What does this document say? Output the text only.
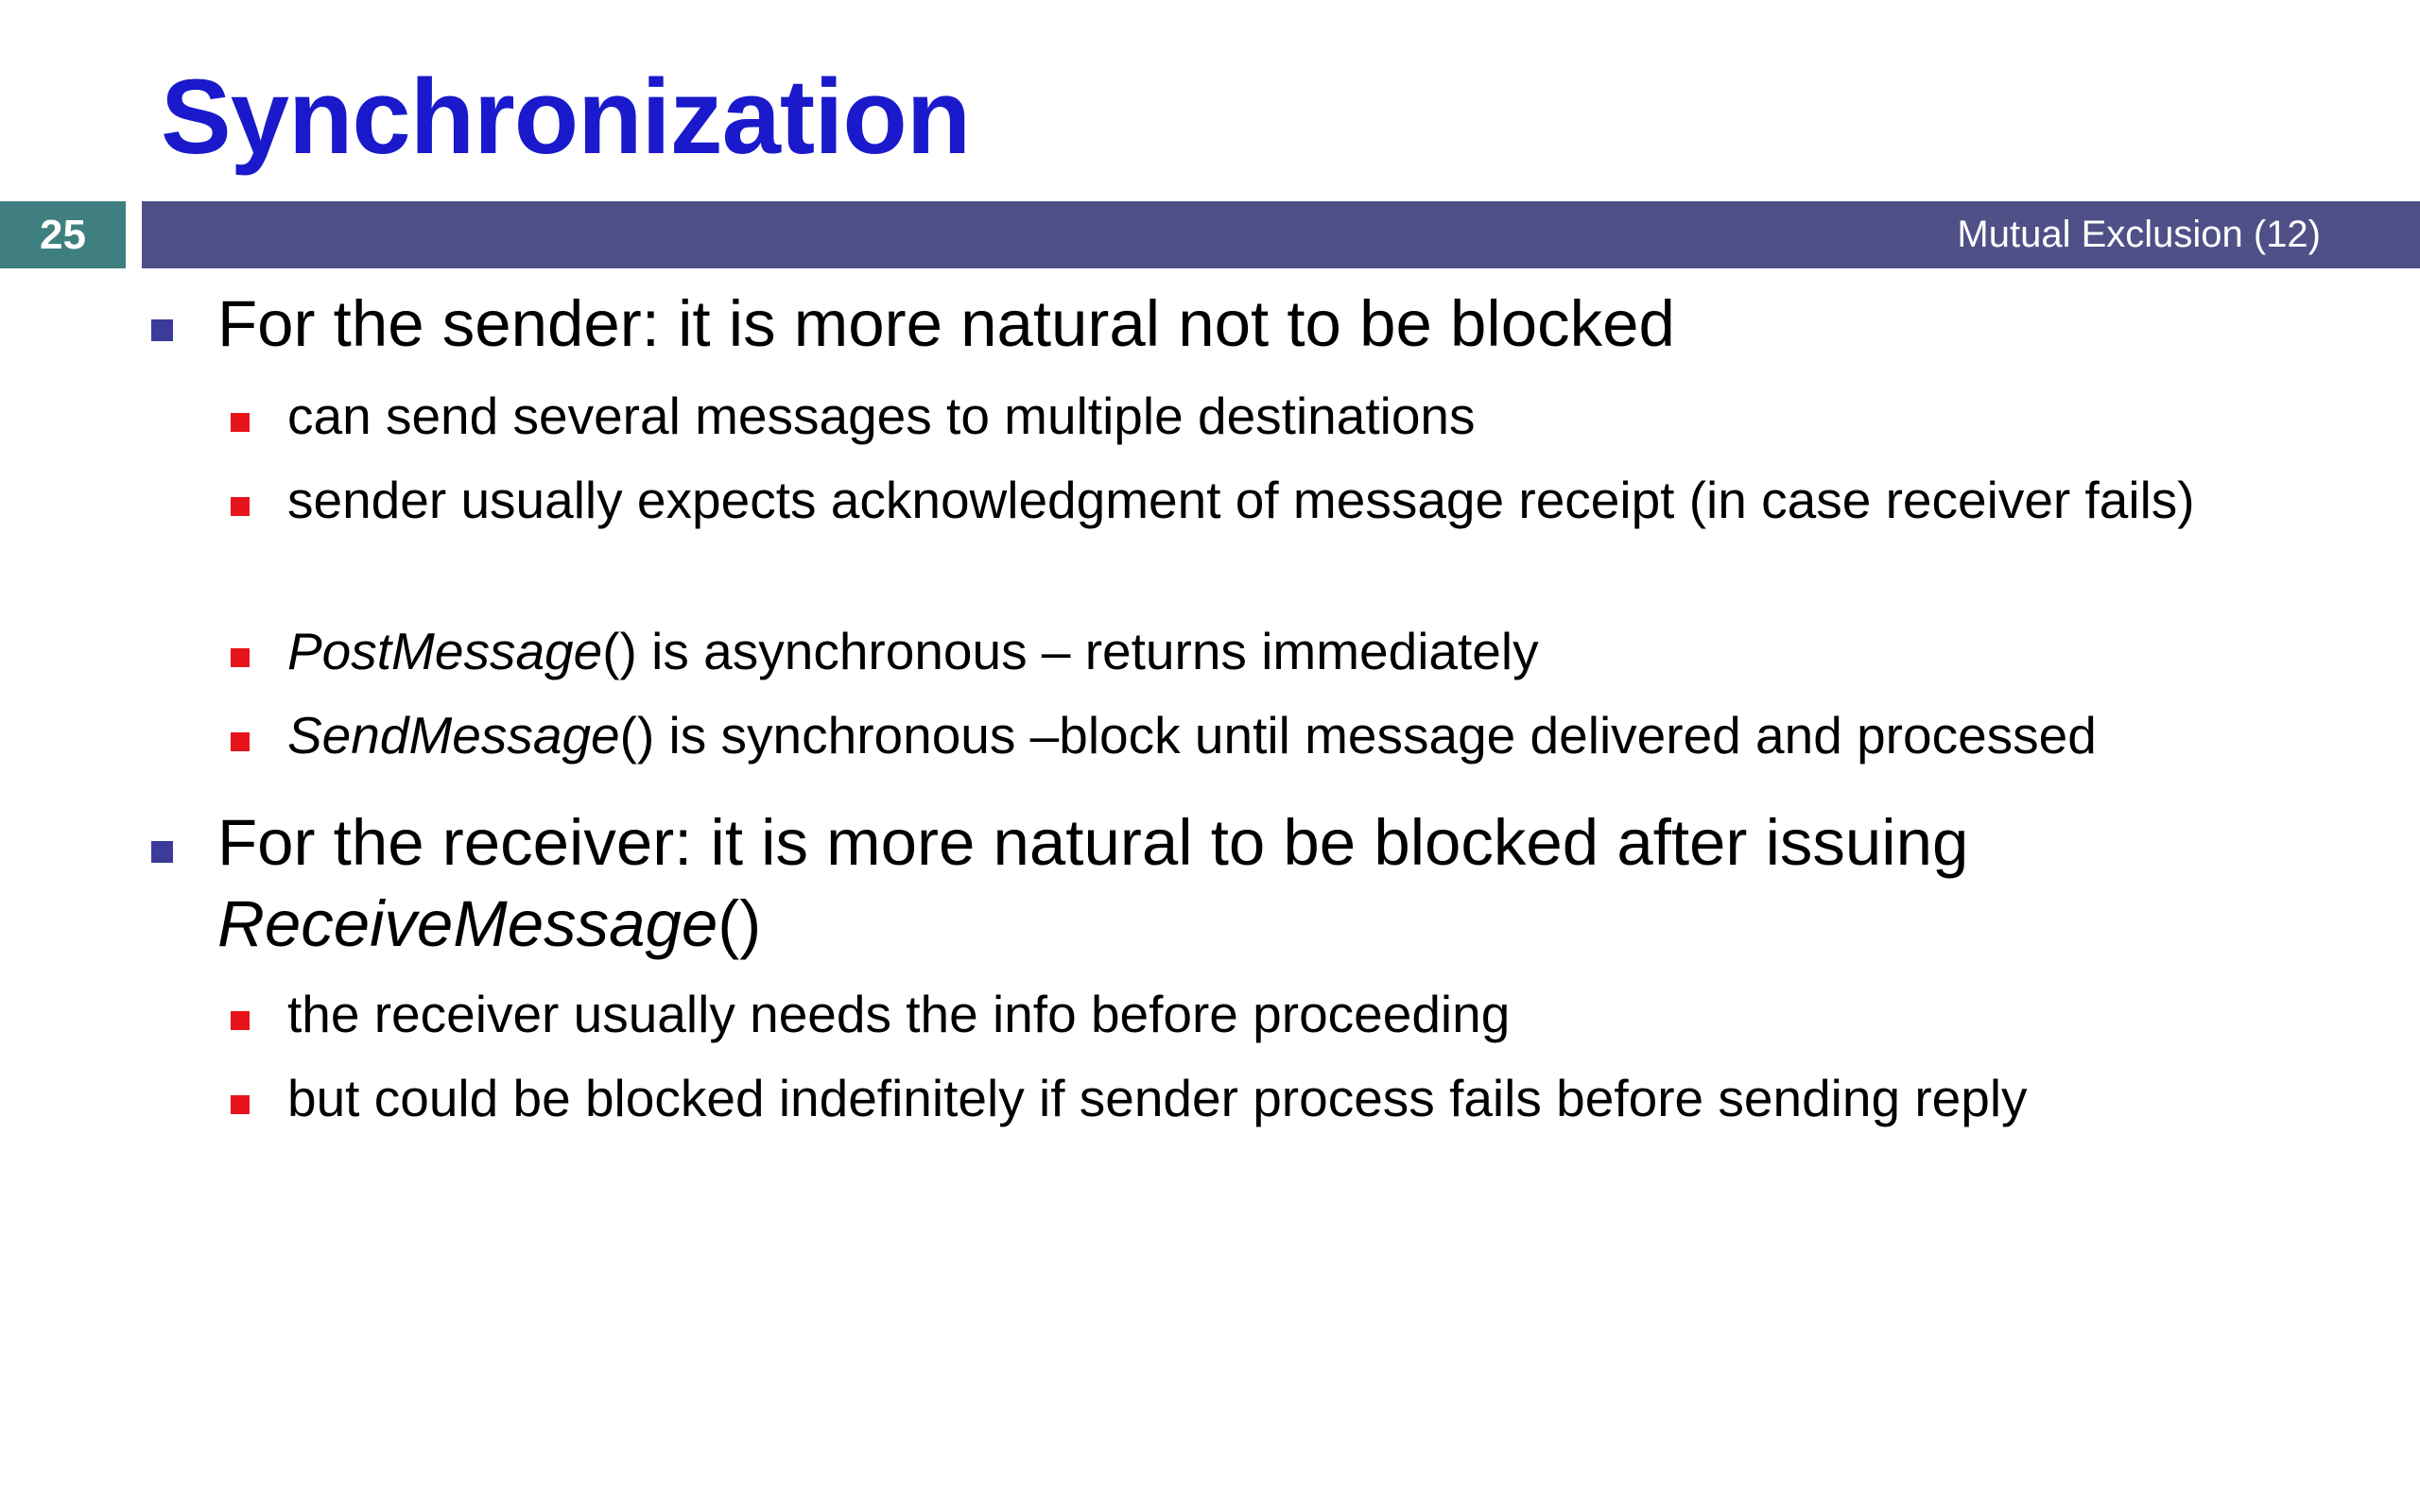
Synchronization
25	Mutual Exclusion (12)
For the sender: it is more natural not to be blocked
can send several messages to multiple destinations
sender usually expects acknowledgment of message receipt (in case receiver fails)
PostMessage() is asynchronous – returns immediately
SendMessage() is synchronous –block until message delivered and processed
For the receiver: it is more natural to be blocked after issuing
ReceiveMessage()
the receiver usually needs the info before proceeding
but could be blocked indefinitely if sender process fails before sending reply
